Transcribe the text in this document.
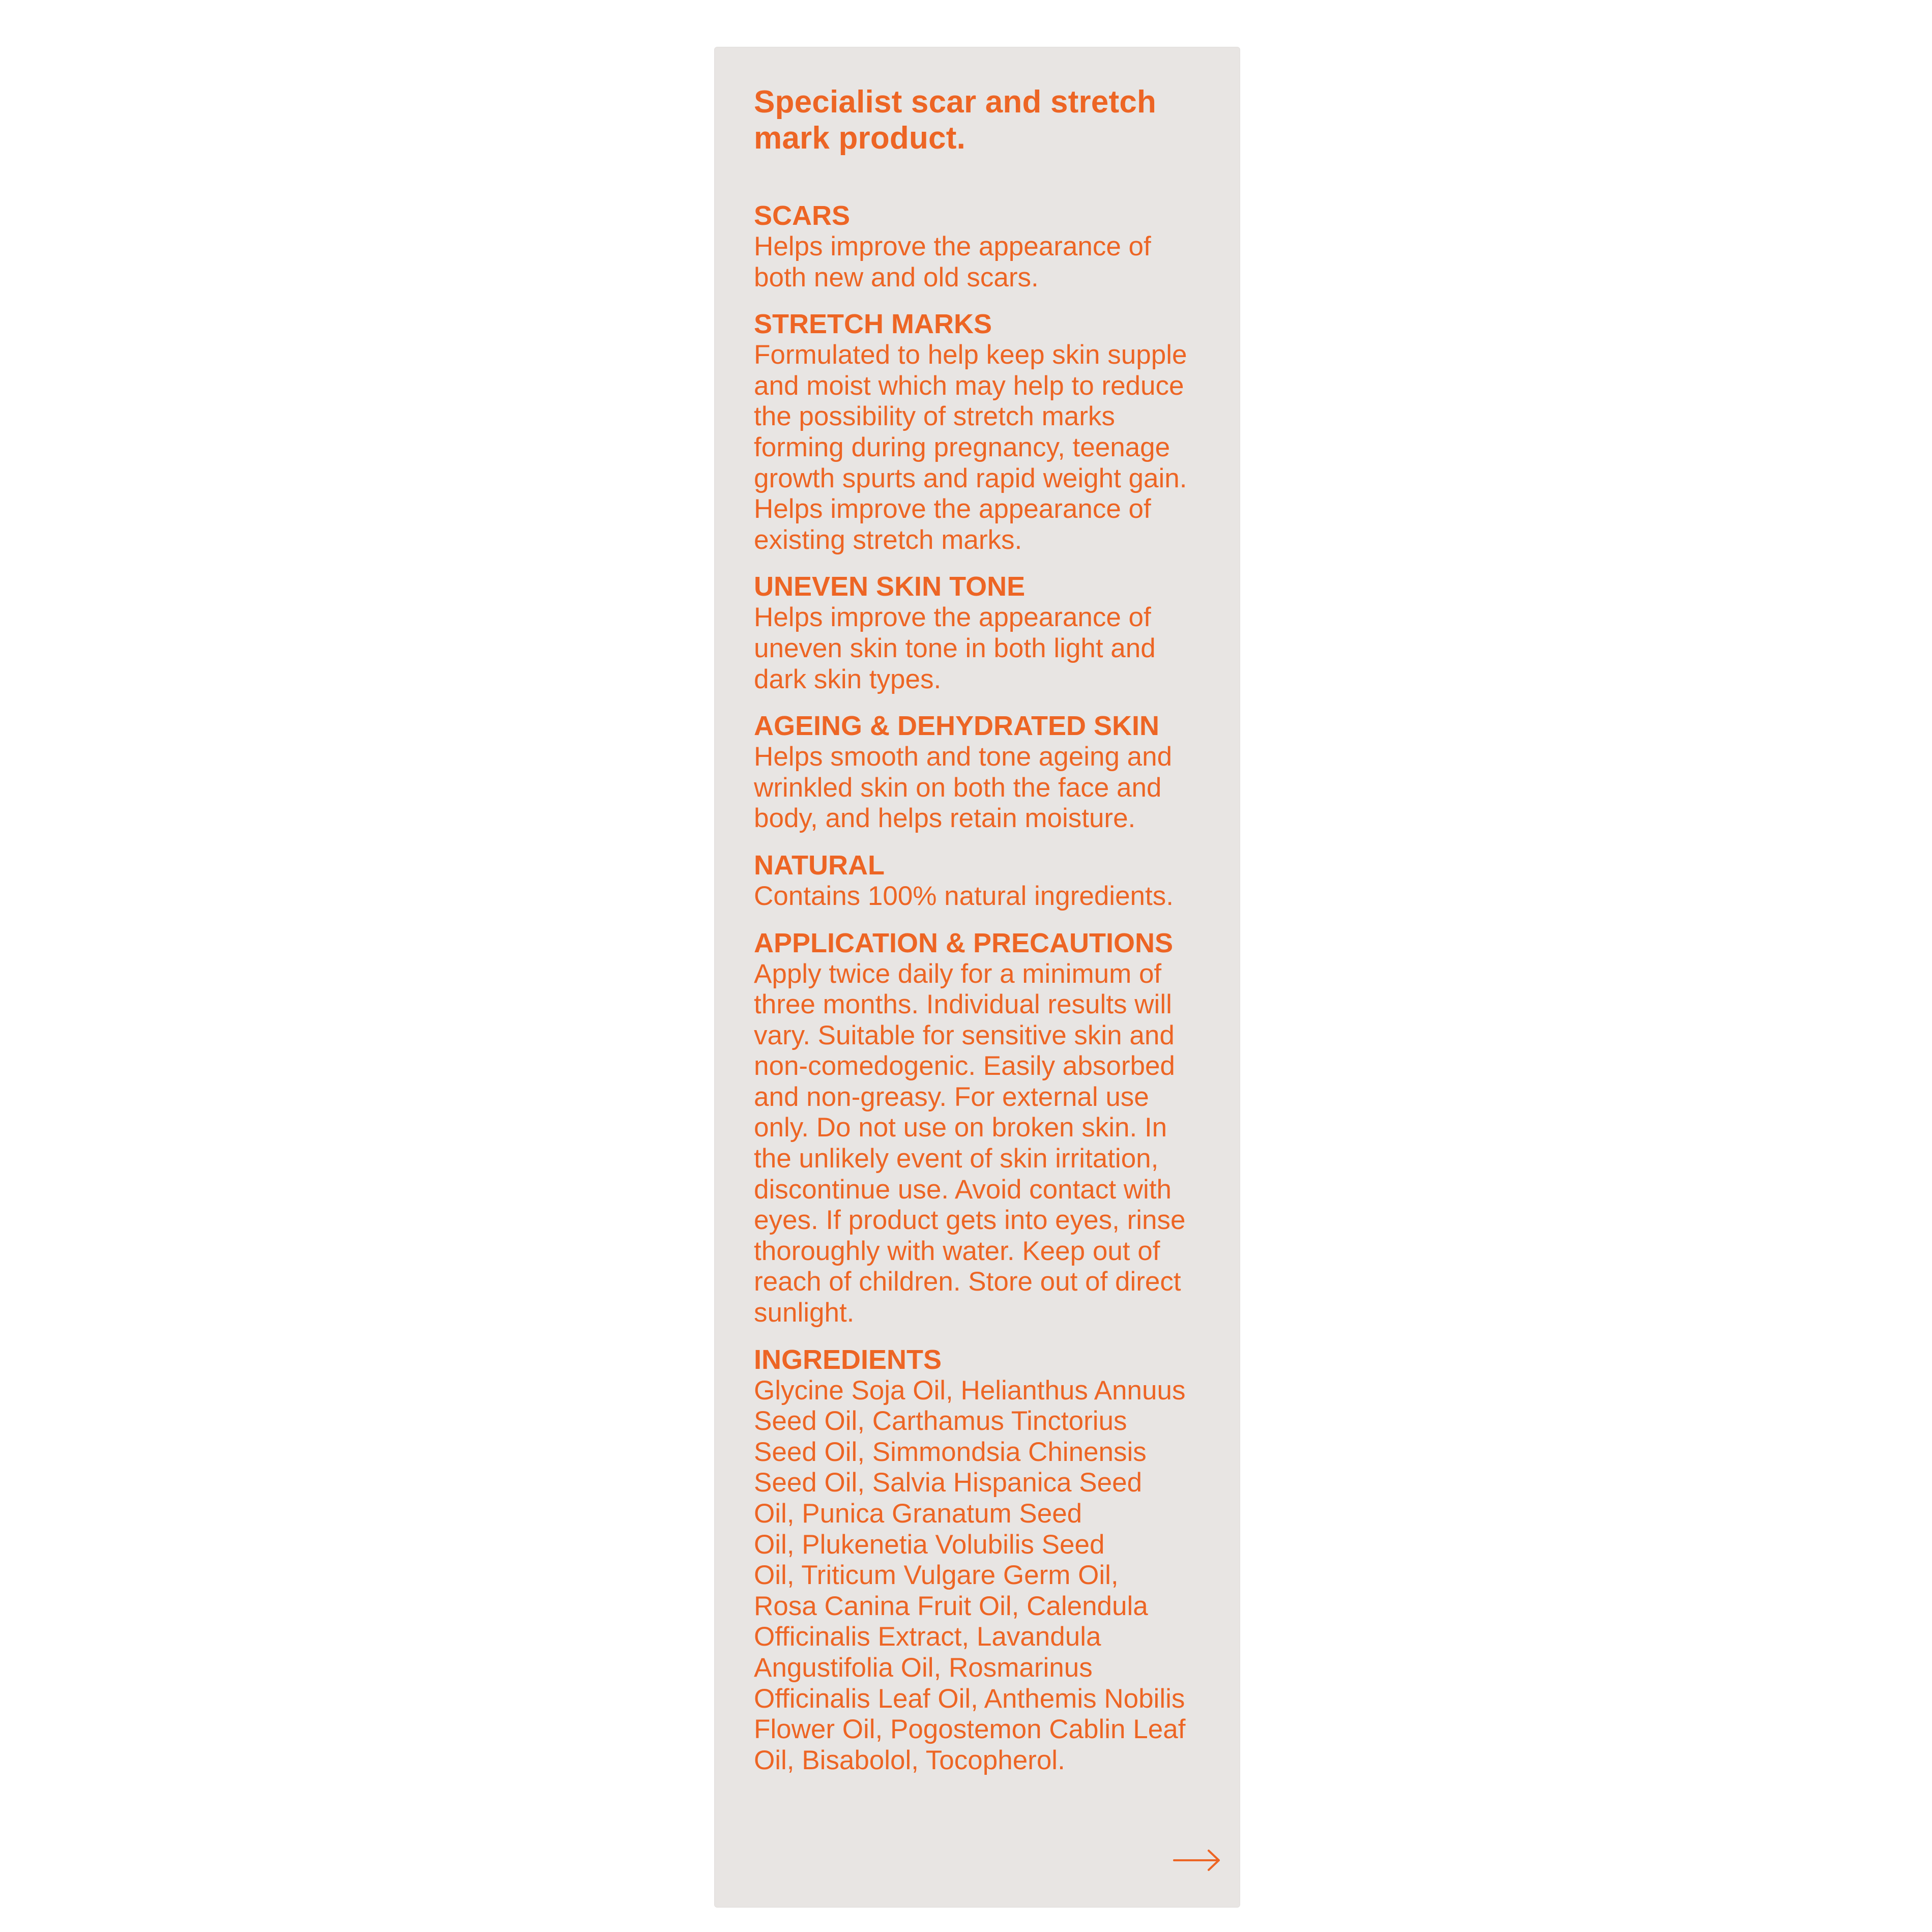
Specialist scar and stretch
mark product.
SCARS
Helps improve the appearance of
both new and old scars.
STRETCH MARKS
Formulated to help keep skin supple
and moist which may help to reduce
the possibility of stretch marks
forming during pregnancy, teenage
growth spurts and rapid weight gain.
Helps improve the appearance of
existing stretch marks.
UNEVEN SKIN TONE
Helps improve the appearance of
uneven skin tone in both light and
dark skin types.
AGEING & DEHYDRATED SKIN
Helps smooth and tone ageing and
wrinkled skin on both the face and
body, and helps retain moisture.
NATURAL
Contains 100% natural ingredients.
APPLICATION & PRECAUTIONS
Apply twice daily for a minimum of
three months. Individual results will
vary. Suitable for sensitive skin and
non-comedogenic. Easily absorbed
and non-greasy. For external use
only. Do not use on broken skin. In
the unlikely event of skin irritation,
discontinue use. Avoid contact with
eyes. If product gets into eyes, rinse
thoroughly with water. Keep out of
reach of children. Store out of direct
sunlight.
INGREDIENTS
Glycine Soja Oil, Helianthus Annuus
Seed Oil, Carthamus Tinctorius
Seed Oil, Simmondsia Chinensis
Seed Oil, Salvia Hispanica Seed
Oil, Punica Granatum Seed
Oil, Plukenetia Volubilis Seed
Oil, Triticum Vulgare Germ Oil,
Rosa Canina Fruit Oil, Calendula
Officinalis Extract, Lavandula
Angustifolia Oil, Rosmarinus
Officinalis Leaf Oil, Anthemis Nobilis
Flower Oil, Pogostemon Cablin Leaf
Oil, Bisabolol, Tocopherol.
